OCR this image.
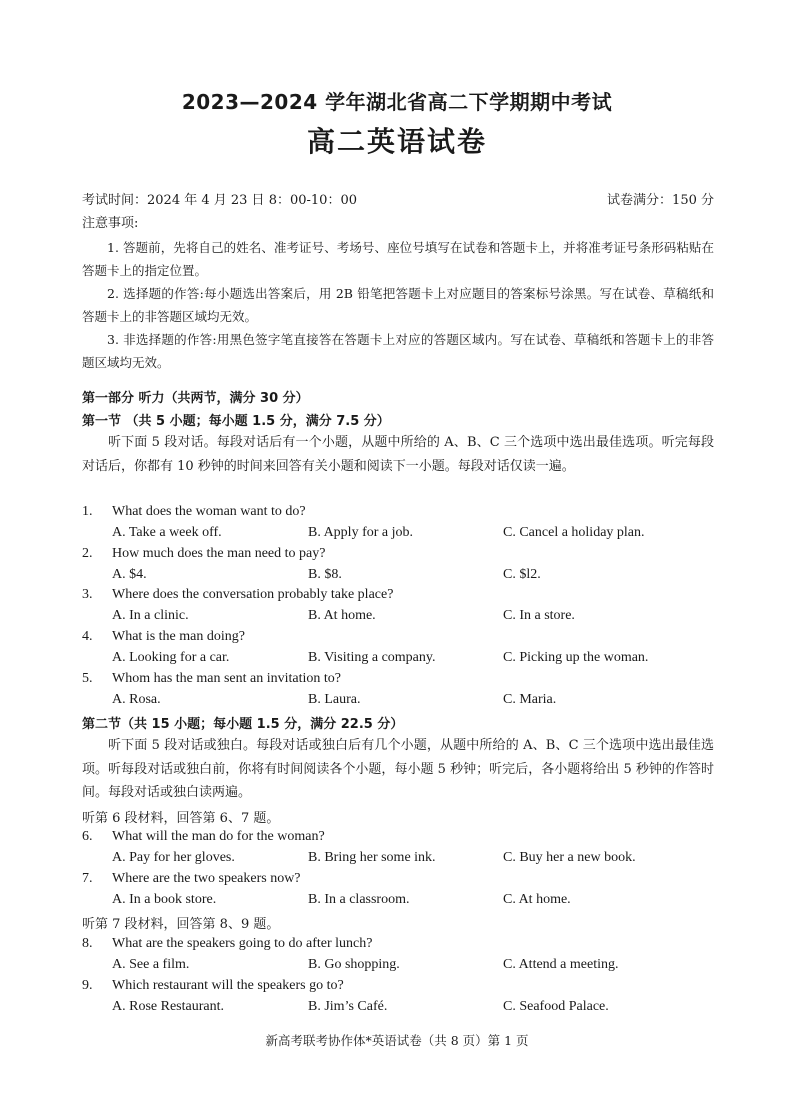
2023—2024 学年湖北省高二下学期期中考试
高二英语试卷
考试时间：2024 年 4 月 23 日 8：00-10：00	试卷满分：150 分
注意事项:
1. 答题前，先将自己的姓名、准考证号、考场号、座位号填写在试卷和答题卡上，并将准考证号条形码粘贴在答题卡上的指定位置。
2. 选择题的作答:每小题选出答案后，用 2B 铅笔把答题卡上对应题目的答案标号涂黑。写在试卷、草稿纸和答题卡上的非答题区域均无效。
3. 非选择题的作答:用黑色签字笔直接答在答题卡上对应的答题区域内。写在试卷、草稿纸和答题卡上的非答题区域均无效。
第一部分 听力（共两节，满分 30 分）
第一节 （共 5 小题；每小题 1.5 分，满分 7.5 分）
听下面 5 段对话。每段对话后有一个小题，从题中所给的 A、B、C 三个选项中选出最佳选项。听完每段对话后，你都有 10 秒钟的时间来回答有关小题和阅读下一小题。每段对话仅读一遍。
1. What does the woman want to do?
A. Take a week off.	B. Apply for a job.	C. Cancel a holiday plan.
2. How much does the man need to pay?
A. $4.	B. $8.	C. $l2.
3. Where does the conversation probably take place?
A. In a clinic.	B. At home.	C. In a store.
4. What is the man doing?
A. Looking for a car.	B. Visiting a company.	C. Picking up the woman.
5. Whom has the man sent an invitation to?
A. Rosa.	B. Laura.	C. Maria.
第二节（共 15 小题；每小题 1.5 分，满分 22.5 分）
听下面 5 段对话或独白。每段对话或独白后有几个小题，从题中所给的 A、B、C 三个选项中选出最佳选项。听每段对话或独白前，你将有时间阅读各个小题，每小题 5 秒钟；听完后，各小题将给出 5 秒钟的作答时间。每段对话或独白读两遍。
听第 6 段材料，回答第 6、7 题。
6. What will the man do for the woman?
A. Pay for her gloves.	B. Bring her some ink.	C. Buy her a new book.
7. Where are the two speakers now?
A. In a book store.	B. In a classroom.	C. At home.
听第 7 段材料，回答第 8、9 题。
8. What are the speakers going to do after lunch?
A. See a film.	B. Go shopping.	C. Attend a meeting.
9. Which restaurant will the speakers go to?
A. Rose Restaurant.	B. Jim’s Café.	C. Seafood Palace.
新高考联考协作体*英语试卷（共 8 页）第 1 页
